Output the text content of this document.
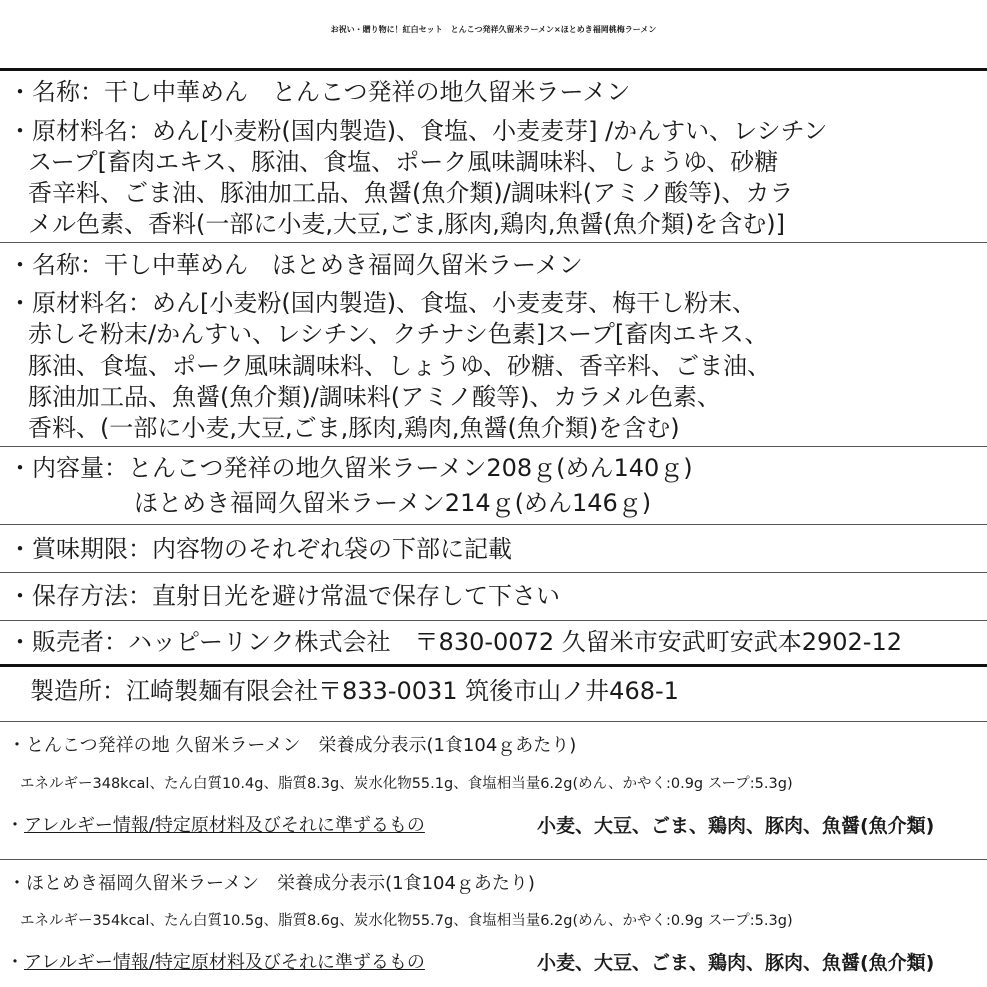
お祝い・贈り物に！紅白セット　とんこつ発祥久留米ラーメン×ほとめき福岡桃梅ラーメン
・名称：干し中華めん　とんこつ発祥の地久留米ラーメン
・原材料名：めん[小麦粉(国内製造)、食塩、小麦麦芽] /かんすい、レシチン
スープ[畜肉エキス、豚油、食塩、ポーク風味調味料、しょうゆ、砂糖
香辛料、ごま油、豚油加工品、魚醤(魚介類)/調味料(アミノ酸等)、カラ
メル色素、香料(一部に小麦,大豆,ごま,豚肉,鶏肉,魚醤(魚介類)を含む)]
・名称：干し中華めん　ほとめき福岡久留米ラーメン
・原材料名：めん[小麦粉(国内製造)、食塩、小麦麦芽、梅干し粉末、
赤しそ粉末/かんすい、レシチン、クチナシ色素]スープ[畜肉エキス、
豚油、食塩、ポーク風味調味料、しょうゆ、砂糖、香辛料、ごま油、
豚油加工品、魚醤(魚介類)/調味料(アミノ酸等)、カラメル色素、
香料、(一部に小麦,大豆,ごま,豚肉,鶏肉,魚醤(魚介類)を含む)
・内容量：とんこつ発祥の地久留米ラーメン208ｇ(めん140ｇ)
ほとめき福岡久留米ラーメン214ｇ(めん146ｇ)
・賞味期限：内容物のそれぞれ袋の下部に記載
・保存方法：直射日光を避け常温で保存して下さい
・販売者：ハッピーリンク株式会社　〒830-0072 久留米市安武町安武本2902-12
製造所：江崎製麺有限会社〒833-0031 筑後市山ノ井468-1
・とんこつ発祥の地 久留米ラーメン　栄養成分表示(1食104ｇあたり)
エネルギー348kcal、たん白質10.4g、脂質8.3g、炭水化物55.1g、食塩相当量6.2g(めん、かやく:0.9g スープ:5.3g)
・アレルギー情報/特定原材料及びそれに準ずるもの	小麦、大豆、ごま、鶏肉、豚肉、魚醤(魚介類)
・ほとめき福岡久留米ラーメン　栄養成分表示(1食104ｇあたり)
エネルギー354kcal、たん白質10.5g、脂質8.6g、炭水化物55.7g、食塩相当量6.2g(めん、かやく:0.9g スープ:5.3g)
・アレルギー情報/特定原材料及びそれに準ずるもの	小麦、大豆、ごま、鶏肉、豚肉、魚醤(魚介類)
